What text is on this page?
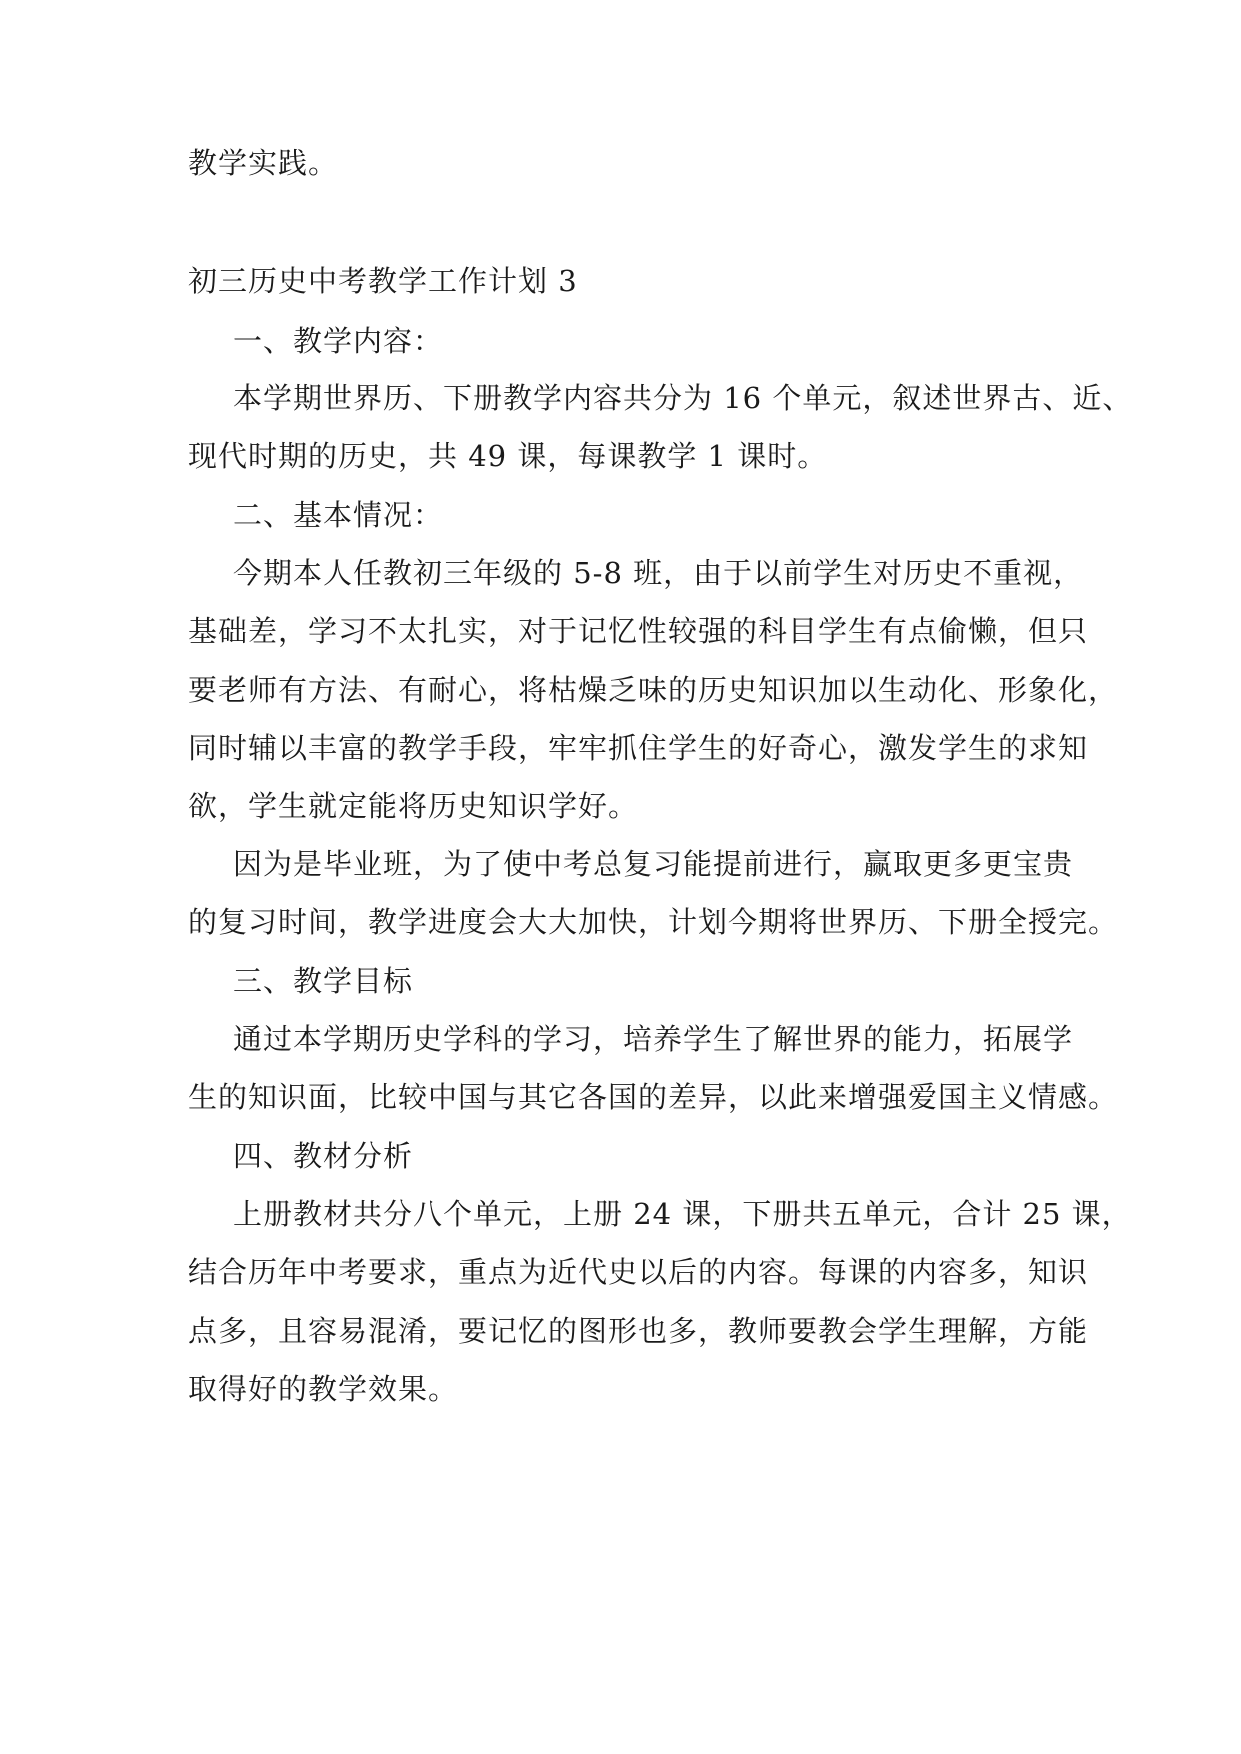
教学实践。
初三历史中考教学工作计划 3
一、教学内容：
本学期世界历、下册教学内容共分为 16 个单元，叙述世界古、近、
现代时期的历史，共 49 课，每课教学 1 课时。
二、基本情况：
今期本人任教初三年级的 5-8 班，由于以前学生对历史不重视，
基础差，学习不太扎实，对于记忆性较强的科目学生有点偷懒，但只
要老师有方法、有耐心，将枯燥乏味的历史知识加以生动化、形象化，
同时辅以丰富的教学手段，牢牢抓住学生的好奇心，激发学生的求知
欲，学生就定能将历史知识学好。
因为是毕业班，为了使中考总复习能提前进行，赢取更多更宝贵
的复习时间，教学进度会大大加快，计划今期将世界历、下册全授完。
三、教学目标
通过本学期历史学科的学习，培养学生了解世界的能力，拓展学
生的知识面，比较中国与其它各国的差异，以此来增强爱国主义情感。
四、教材分析
上册教材共分八个单元，上册 24 课，下册共五单元，合计 25 课，
结合历年中考要求，重点为近代史以后的内容。每课的内容多，知识
点多，且容易混淆，要记忆的图形也多，教师要教会学生理解，方能
取得好的教学效果。
